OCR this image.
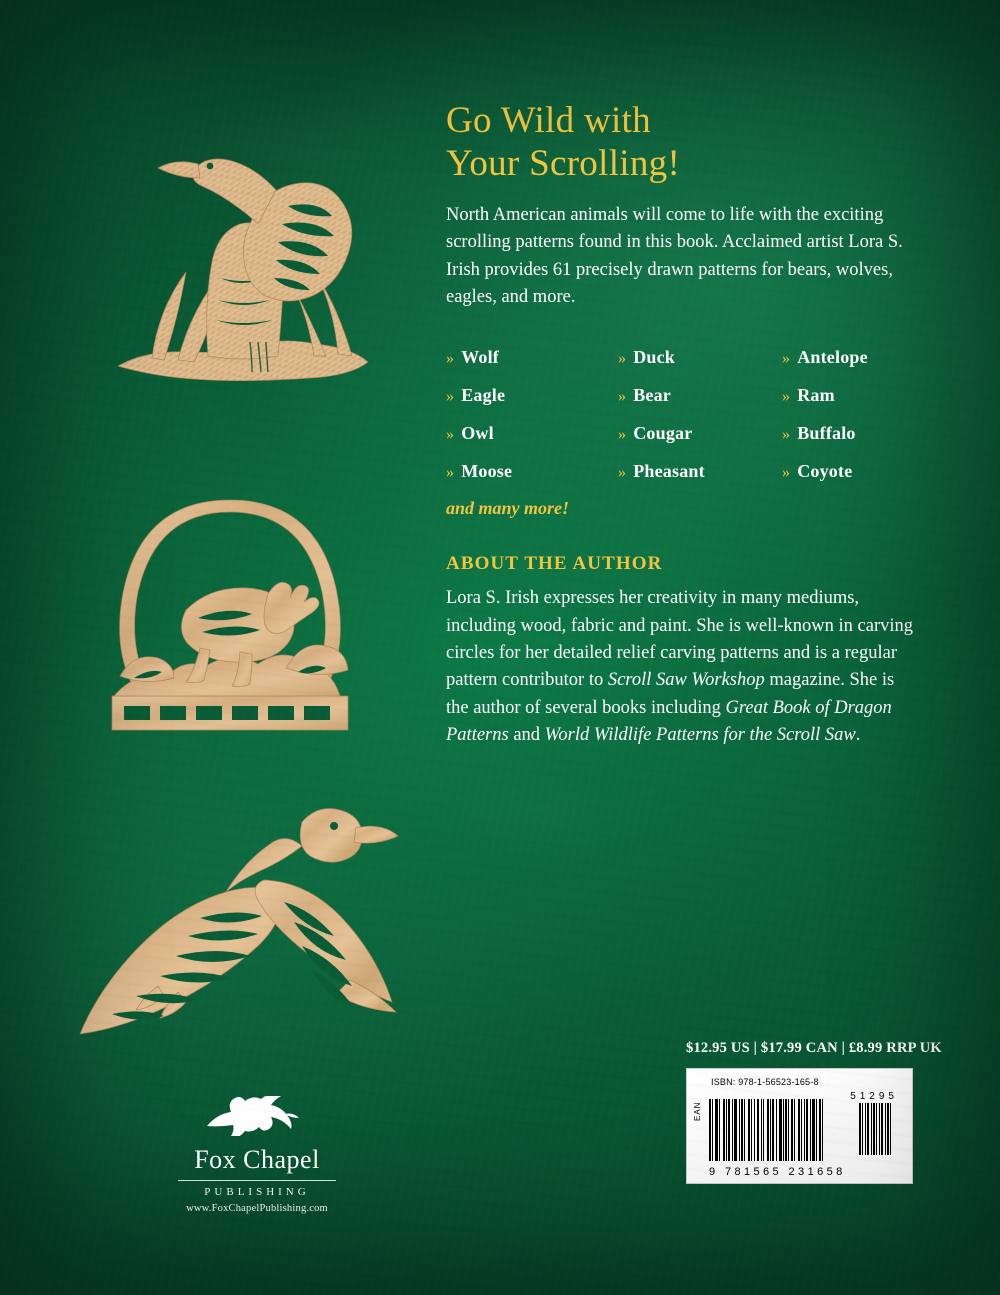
Go Wild with
Your Scrolling!

North American animals will come to life with the exciting scrolling patterns found in this book. Acclaimed artist Lora S. Irish provides 61 precisely drawn patterns for bears, wolves, eagles, and more.

» Wolf	» Duck	» Antelope
» Eagle	» Bear	» Ram
» Owl	» Cougar	» Buffalo
» Moose	» Pheasant	» Coyote
and many more!
ABOUT THE AUTHOR

Lora S. Irish expresses her creativity in many mediums, including wood, fabric and paint. She is well-known in carving circles for her detailed relief carving patterns and is a regular pattern contributor to Scroll Saw Workshop magazine. She is the author of several books including Great Book of Dragon Patterns and World Wildlife Patterns for the Scroll Saw.

Fox Chapel
PUBLISHING
www.FoxChapelPublishing.com
$12.95 US | $17.99 CAN | £8.99 RRP UK
ISBN: 978-1-56523-165-8
EAN
51295
9 781565 231658
